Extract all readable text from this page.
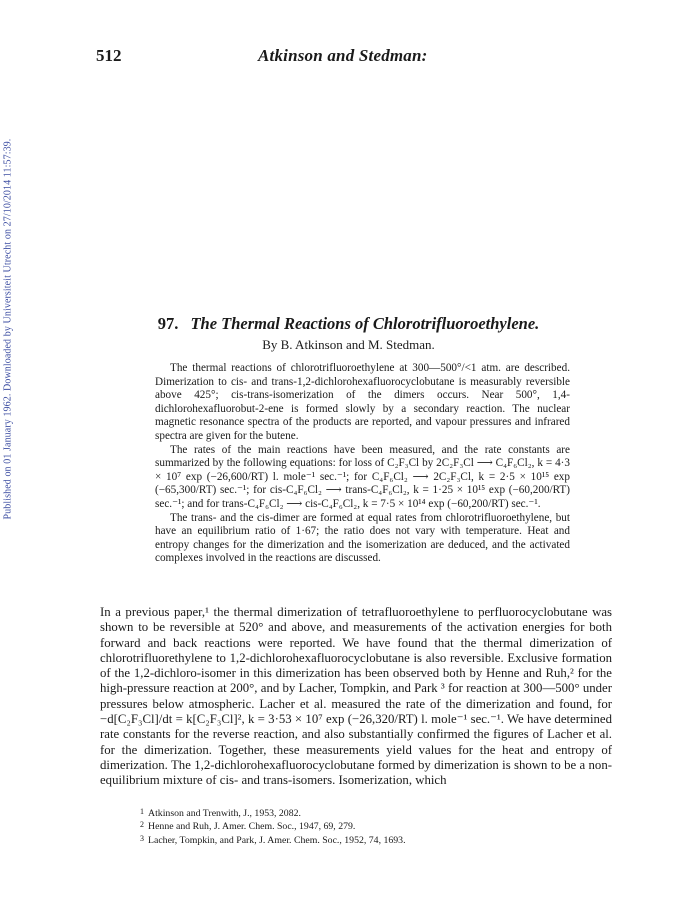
Published on 01 January 1962. Downloaded by Universiteit Utrecht on 27/10/2014 11:57:39.
512	Atkinson and Stedman:
97. The Thermal Reactions of Chlorotrifluoroethylene.
By B. Atkinson and M. Stedman.

The thermal reactions of chlorotrifluoroethylene at 300—500°/<1 atm. are described. Dimerization to cis- and trans-1,2-dichlorohexafluorocyclobutane is measurably reversible above 425°; cis-trans-isomerization of the dimers occurs. Near 500°, 1,4-dichlorohexafluorobut-2-ene is formed slowly by a secondary reaction. The nuclear magnetic resonance spectra of the products are reported, and vapour pressures and infrared spectra are given for the butene.

The rates of the main reactions have been measured, and the rate constants are summarized by the following equations: for loss of C₂F₃Cl by 2C₂F₃Cl ⟶ C₄F₆Cl₂, k = 4·3 × 10⁷ exp (−26,600/RT) l. mole⁻¹ sec.⁻¹; for C₄F₆Cl₂ ⟶ 2C₂F₃Cl, k = 2·5 × 10¹⁵ exp (−65,300/RT) sec.⁻¹; for cis-C₄F₆Cl₂ ⟶ trans-C₄F₆Cl₂, k = 1·25 × 10¹⁵ exp (−60,200/RT) sec.⁻¹; and for trans-C₄F₆Cl₂ ⟶ cis-C₄F₆Cl₂, k = 7·5 × 10¹⁴ exp (−60,200/RT) sec.⁻¹.

The trans- and the cis-dimer are formed at equal rates from chlorotrifluoroethylene, but have an equilibrium ratio of 1·67; the ratio does not vary with temperature. Heat and entropy changes for the dimerization and the isomerization are deduced, and the activated complexes involved in the reactions are discussed.

In a previous paper,¹ the thermal dimerization of tetrafluoroethylene to perfluorocyclobutane was shown to be reversible at 520° and above, and measurements of the activation energies for both forward and back reactions were reported. We have found that the thermal dimerization of chlorotrifluorethylene to 1,2-dichlorohexafluorocyclobutane is also reversible. Exclusive formation of the 1,2-dichloro-isomer in this dimerization has been observed both by Henne and Ruh,² for the high-pressure reaction at 200°, and by Lacher, Tompkin, and Park ³ for reaction at 300—500° under pressures below atmospheric. Lacher et al. measured the rate of the dimerization and found, for −d[C₂F₃Cl]/dt = k[C₂F₃Cl]², k = 3·53 × 10⁷ exp (−26,320/RT) l. mole⁻¹ sec.⁻¹. We have determined rate constants for the reverse reaction, and also substantially confirmed the figures of Lacher et al. for the dimerization. Together, these measurements yield values for the heat and entropy of dimerization. The 1,2-dichlorohexafluorocyclobutane formed by dimerization is shown to be a non-equilibrium mixture of cis- and trans-isomers. Isomerization, which

$^1$ Atkinson and Trenwith, J., 1953, 2082.
$^2$ Henne and Ruh, J. Amer. Chem. Soc., 1947, 69, 279.
$^3$ Lacher, Tompkin, and Park, J. Amer. Chem. Soc., 1952, 74, 1693.
